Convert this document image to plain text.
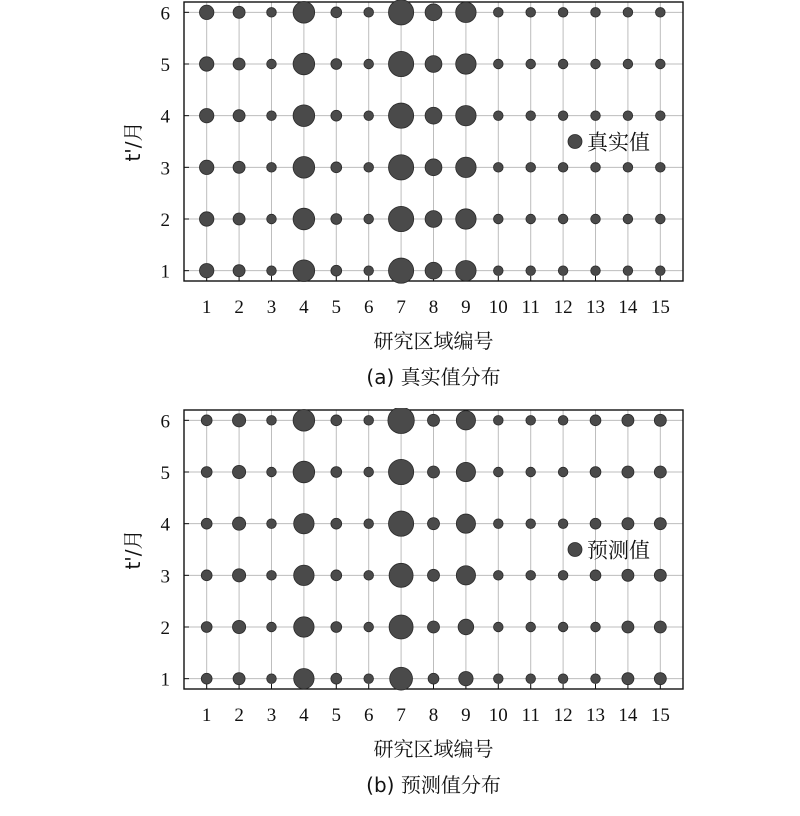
1 2 3 4 5 6 7 8 9 10 11 12 13 14 15
1
2
3
4
5
6
真实值
t'/月
研究区域编号
(a) 真实值分布
1 2 3 4 5 6 7 8 9 10 11 12 13 14 15
1
2
3
4
5
6
预测值
t'/月
研究区域编号
(b) 预测值分布
